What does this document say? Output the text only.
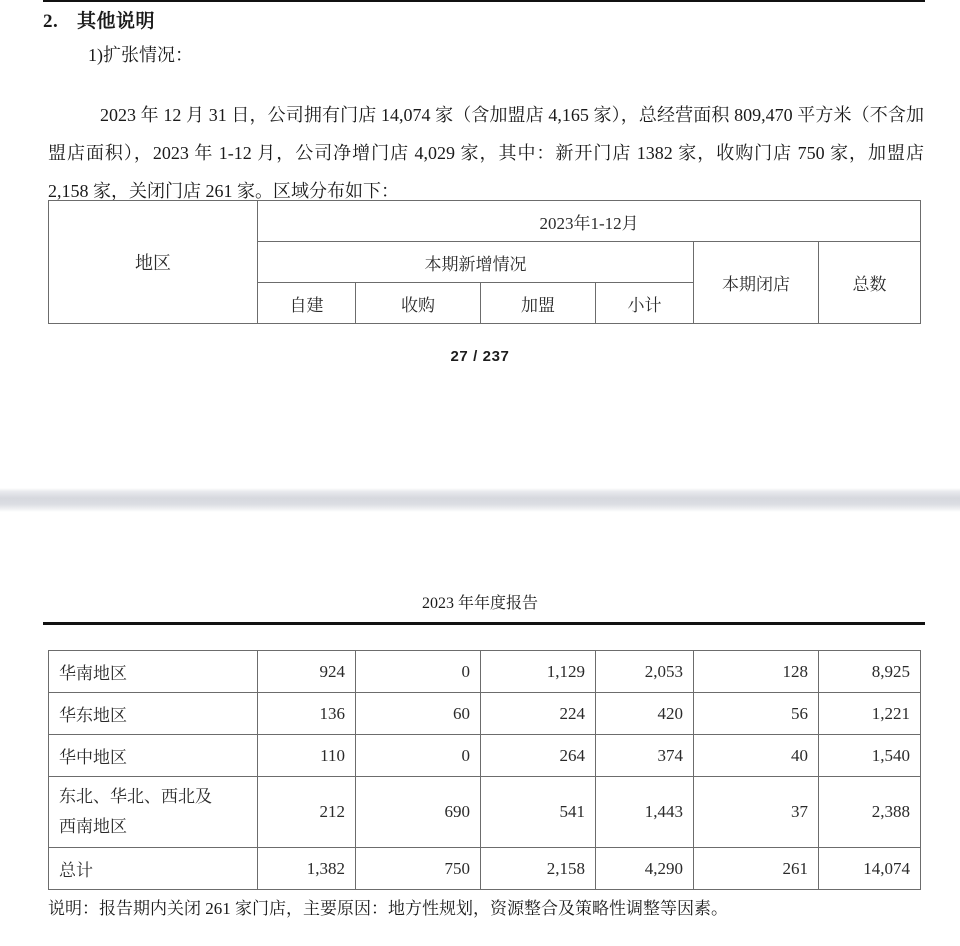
2. 其他说明
1)扩张情况：

2023 年 12 月 31 日，公司拥有门店 14,074 家（含加盟店 4,165 家），总经营面积 809,470 平方米（不含加盟店面积），2023 年 1-12 月，公司净增门店 4,029 家，其中：新开门店 1382 家，收购门店 750 家，加盟店 2,158 家，关闭门店 261 家。区域分布如下：

地区	2023年1-12月					
	本期新增情况				本期闭店	总数
	自建	收购	加盟	小计		
27 / 237
2023 年年度报告
华南地区	924	0	1,129	2,053	128	8,925
华东地区	136	60	224	420	56	1,221
华中地区	110	0	264	374	40	1,540

东北、华北、西北及
西南地区	212	690	541	1,443	37	2,388
总计	1,382	750	2,158	4,290	261	14,074
说明：报告期内关闭 261 家门店，主要原因：地方性规划，资源整合及策略性调整等因素。
